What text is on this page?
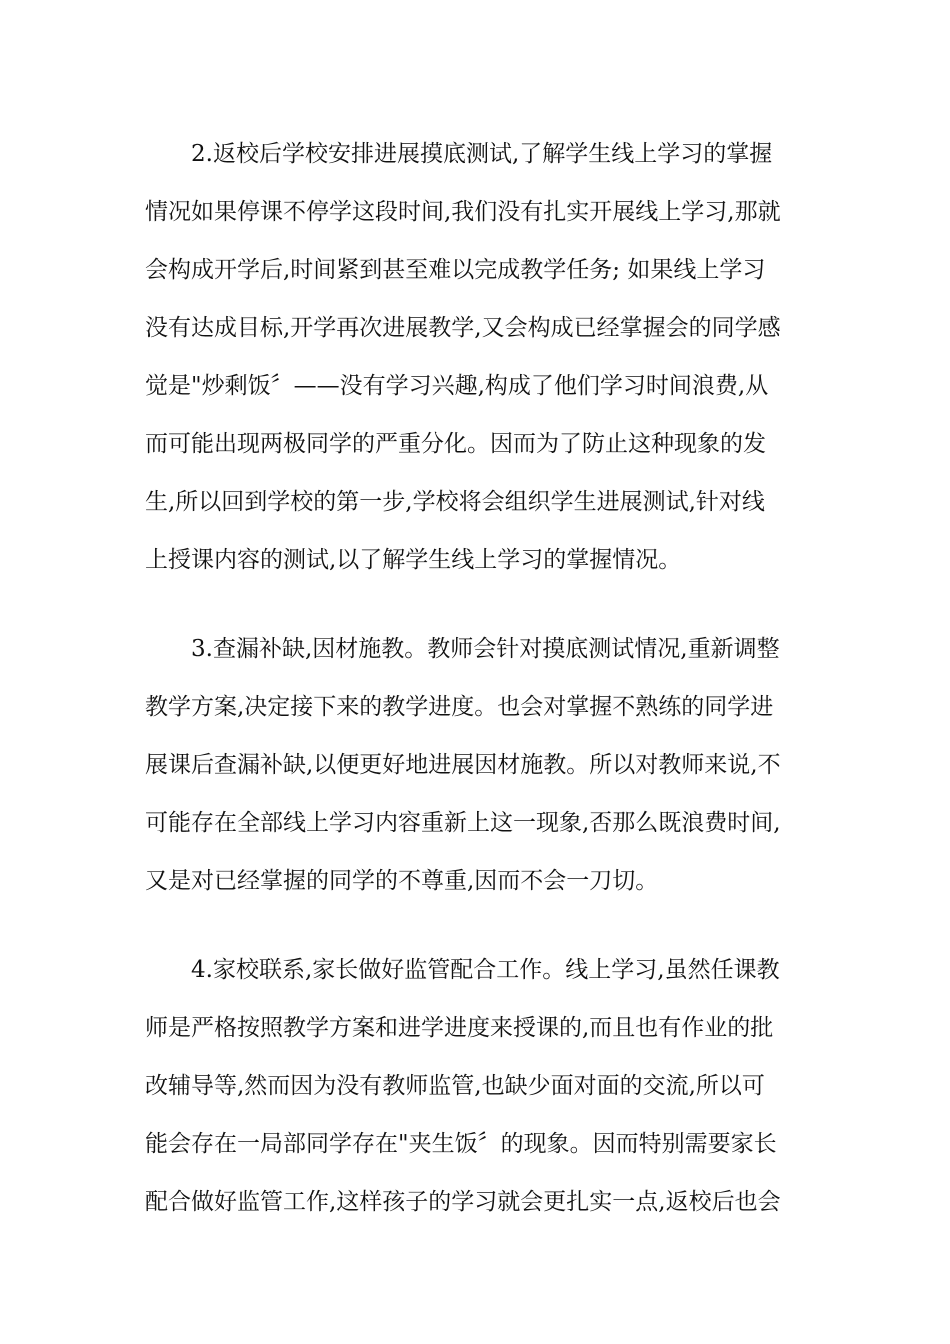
2.返校后学校安排进展摸底测试,了解学生线上学习的掌握
情况如果停课不停学这段时间,我们没有扎实开展线上学习,那就
会构成开学后,时间紧到甚至难以完成教学任务; 如果线上学习
没有达成目标,开学再次进展教学,又会构成已经掌握会的同学感
觉是"炒剩饭〞——没有学习兴趣,构成了他们学习时间浪费,从
而可能出现两极同学的严重分化。因而为了防止这种现象的发
生,所以回到学校的第一步,学校将会组织学生进展测试,针对线
上授课内容的测试,以了解学生线上学习的掌握情况。

3.查漏补缺,因材施教。教师会针对摸底测试情况,重新调整
教学方案,决定接下来的教学进度。也会对掌握不熟练的同学进
展课后查漏补缺,以便更好地进展因材施教。所以对教师来说,不
可能存在全部线上学习内容重新上这一现象,否那么既浪费时间,
又是对已经掌握的同学的不尊重,因而不会一刀切。

4.家校联系,家长做好监管配合工作。线上学习,虽然任课教
师是严格按照教学方案和进学进度来授课的,而且也有作业的批
改辅导等,然而因为没有教师监管,也缺少面对面的交流,所以可
能会存在一局部同学存在"夹生饭〞的现象。因而特别需要家长
配合做好监管工作,这样孩子的学习就会更扎实一点,返校后也会
